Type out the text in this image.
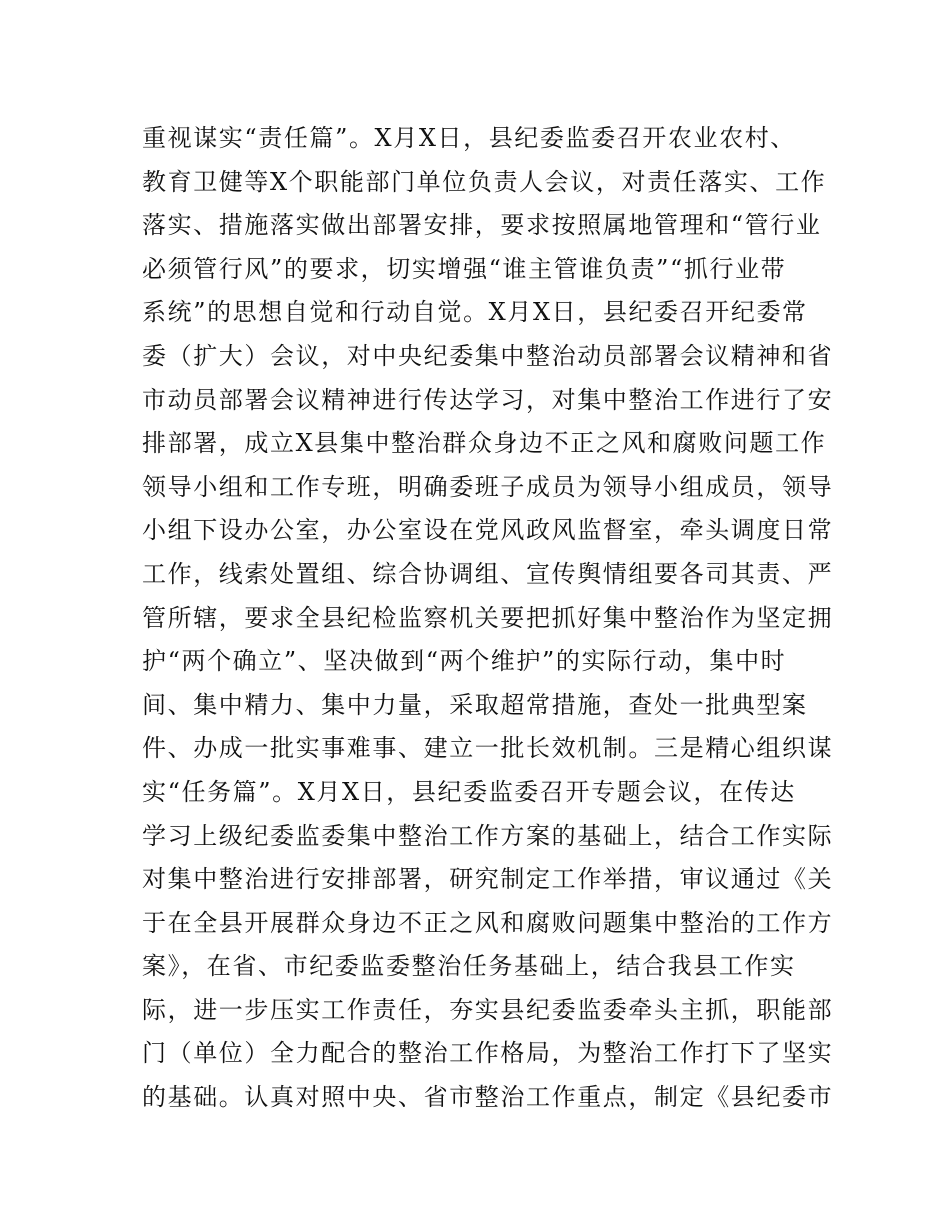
重视谋实“责任篇”。X月X日，县纪委监委召开农业农村、
教育卫健等X个职能部门单位负责人会议，对责任落实、工作
落实、措施落实做出部署安排，要求按照属地管理和“管行业
必须管行风”的要求，切实增强“谁主管谁负责”“抓行业带
系统”的思想自觉和行动自觉。X月X日，县纪委召开纪委常
委（扩大）会议，对中央纪委集中整治动员部署会议精神和省
市动员部署会议精神进行传达学习，对集中整治工作进行了安
排部署，成立X县集中整治群众身边不正之风和腐败问题工作
领导小组和工作专班，明确委班子成员为领导小组成员，领导
小组下设办公室，办公室设在党风政风监督室，牵头调度日常
工作，线索处置组、综合协调组、宣传舆情组要各司其责、严
管所辖，要求全县纪检监察机关要把抓好集中整治作为坚定拥
护“两个确立”、坚决做到“两个维护”的实际行动，集中时
间、集中精力、集中力量，采取超常措施，查处一批典型案
件、办成一批实事难事、建立一批长效机制。三是精心组织谋
实“任务篇”。X月X日，县纪委监委召开专题会议，在传达
学习上级纪委监委集中整治工作方案的基础上，结合工作实际
对集中整治进行安排部署，研究制定工作举措，审议通过《关
于在全县开展群众身边不正之风和腐败问题集中整治的工作方
案》，在省、市纪委监委整治任务基础上，结合我县工作实
际，进一步压实工作责任，夯实县纪委监委牵头主抓，职能部
门（单位）全力配合的整治工作格局，为整治工作打下了坚实
的基础。认真对照中央、省市整治工作重点，制定《县纪委市
